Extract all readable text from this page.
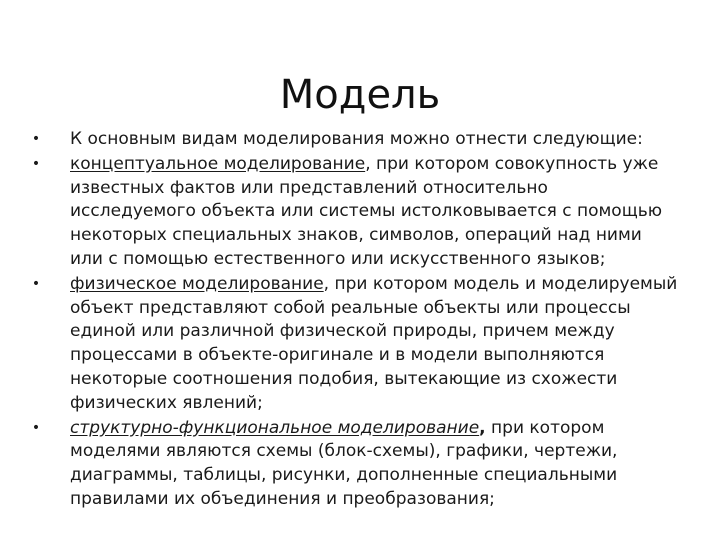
Модель

• К основным видам моделирования можно отнести следующие:

• концептуальное моделирование, при котором совокупность уже известных фактов или представлений относительно исследуемого объекта или системы истолковывается с помощью некоторых специальных знаков, символов, операций над ними или с помощью естественного или искусственного языков;

• физическое моделирование, при котором модель и моделируемый объект представляют собой реальные объекты или процессы единой или различной физической природы, причем между процессами в объекте-оригинале и в модели выполняются некоторые соотношения подобия, вытекающие из схожести физических явлений;

• структурно-функциональное моделирование, при котором моделями являются схемы (блок-схемы), графики, чертежи, диаграммы, таблицы, рисунки, дополненные специальными правилами их объединения и преобразования;
